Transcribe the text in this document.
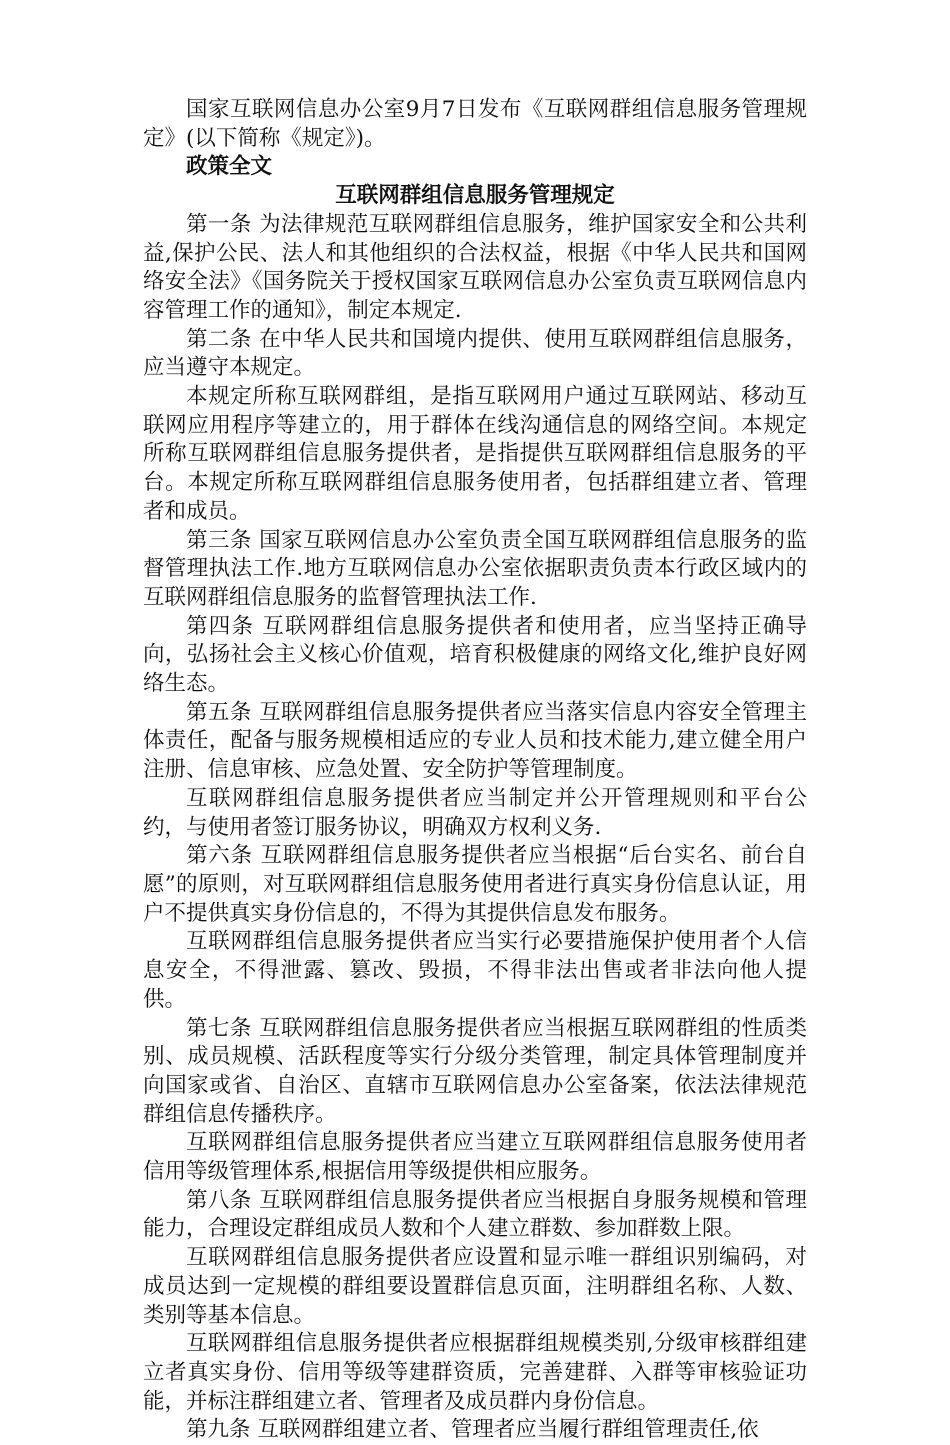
国家互联网信息办公室9月7日发布《互联网群组信息服务管理规定》(以下简称《规定》)。

政策全文

互联网群组信息服务管理规定

第一条 为法律规范互联网群组信息服务，维护国家安全和公共利益,保护公民、法人和其他组织的合法权益，根据《中华人民共和国网络安全法》《国务院关于授权国家互联网信息办公室负责互联网信息内容管理工作的通知》，制定本规定.

第二条 在中华人民共和国境内提供、使用互联网群组信息服务，应当遵守本规定。

本规定所称互联网群组，是指互联网用户通过互联网站、移动互联网应用程序等建立的，用于群体在线沟通信息的网络空间。本规定所称互联网群组信息服务提供者，是指提供互联网群组信息服务的平台。本规定所称互联网群组信息服务使用者，包括群组建立者、管理者和成员。

第三条 国家互联网信息办公室负责全国互联网群组信息服务的监督管理执法工作.地方互联网信息办公室依据职责负责本行政区域内的互联网群组信息服务的监督管理执法工作.

第四条 互联网群组信息服务提供者和使用者，应当坚持正确导向，弘扬社会主义核心价值观，培育积极健康的网络文化,维护良好网络生态。

第五条 互联网群组信息服务提供者应当落实信息内容安全管理主体责任，配备与服务规模相适应的专业人员和技术能力,建立健全用户注册、信息审核、应急处置、安全防护等管理制度。

互联网群组信息服务提供者应当制定并公开管理规则和平台公约，与使用者签订服务协议，明确双方权利义务.

第六条 互联网群组信息服务提供者应当根据“后台实名、前台自愿”的原则，对互联网群组信息服务使用者进行真实身份信息认证，用户不提供真实身份信息的，不得为其提供信息发布服务。

互联网群组信息服务提供者应当实行必要措施保护使用者个人信息安全，不得泄露、篡改、毁损，不得非法出售或者非法向他人提供。

第七条 互联网群组信息服务提供者应当根据互联网群组的性质类别、成员规模、活跃程度等实行分级分类管理，制定具体管理制度并向国家或省、自治区、直辖市互联网信息办公室备案，依法法律规范群组信息传播秩序。

互联网群组信息服务提供者应当建立互联网群组信息服务使用者信用等级管理体系,根据信用等级提供相应服务。

第八条 互联网群组信息服务提供者应当根据自身服务规模和管理能力，合理设定群组成员人数和个人建立群数、参加群数上限。

互联网群组信息服务提供者应设置和显示唯一群组识别编码，对成员达到一定规模的群组要设置群信息页面，注明群组名称、人数、类别等基本信息。

互联网群组信息服务提供者应根据群组规模类别,分级审核群组建立者真实身份、信用等级等建群资质，完善建群、入群等审核验证功能，并标注群组建立者、管理者及成员群内身份信息。

第九条 互联网群组建立者、管理者应当履行群组管理责任,依
